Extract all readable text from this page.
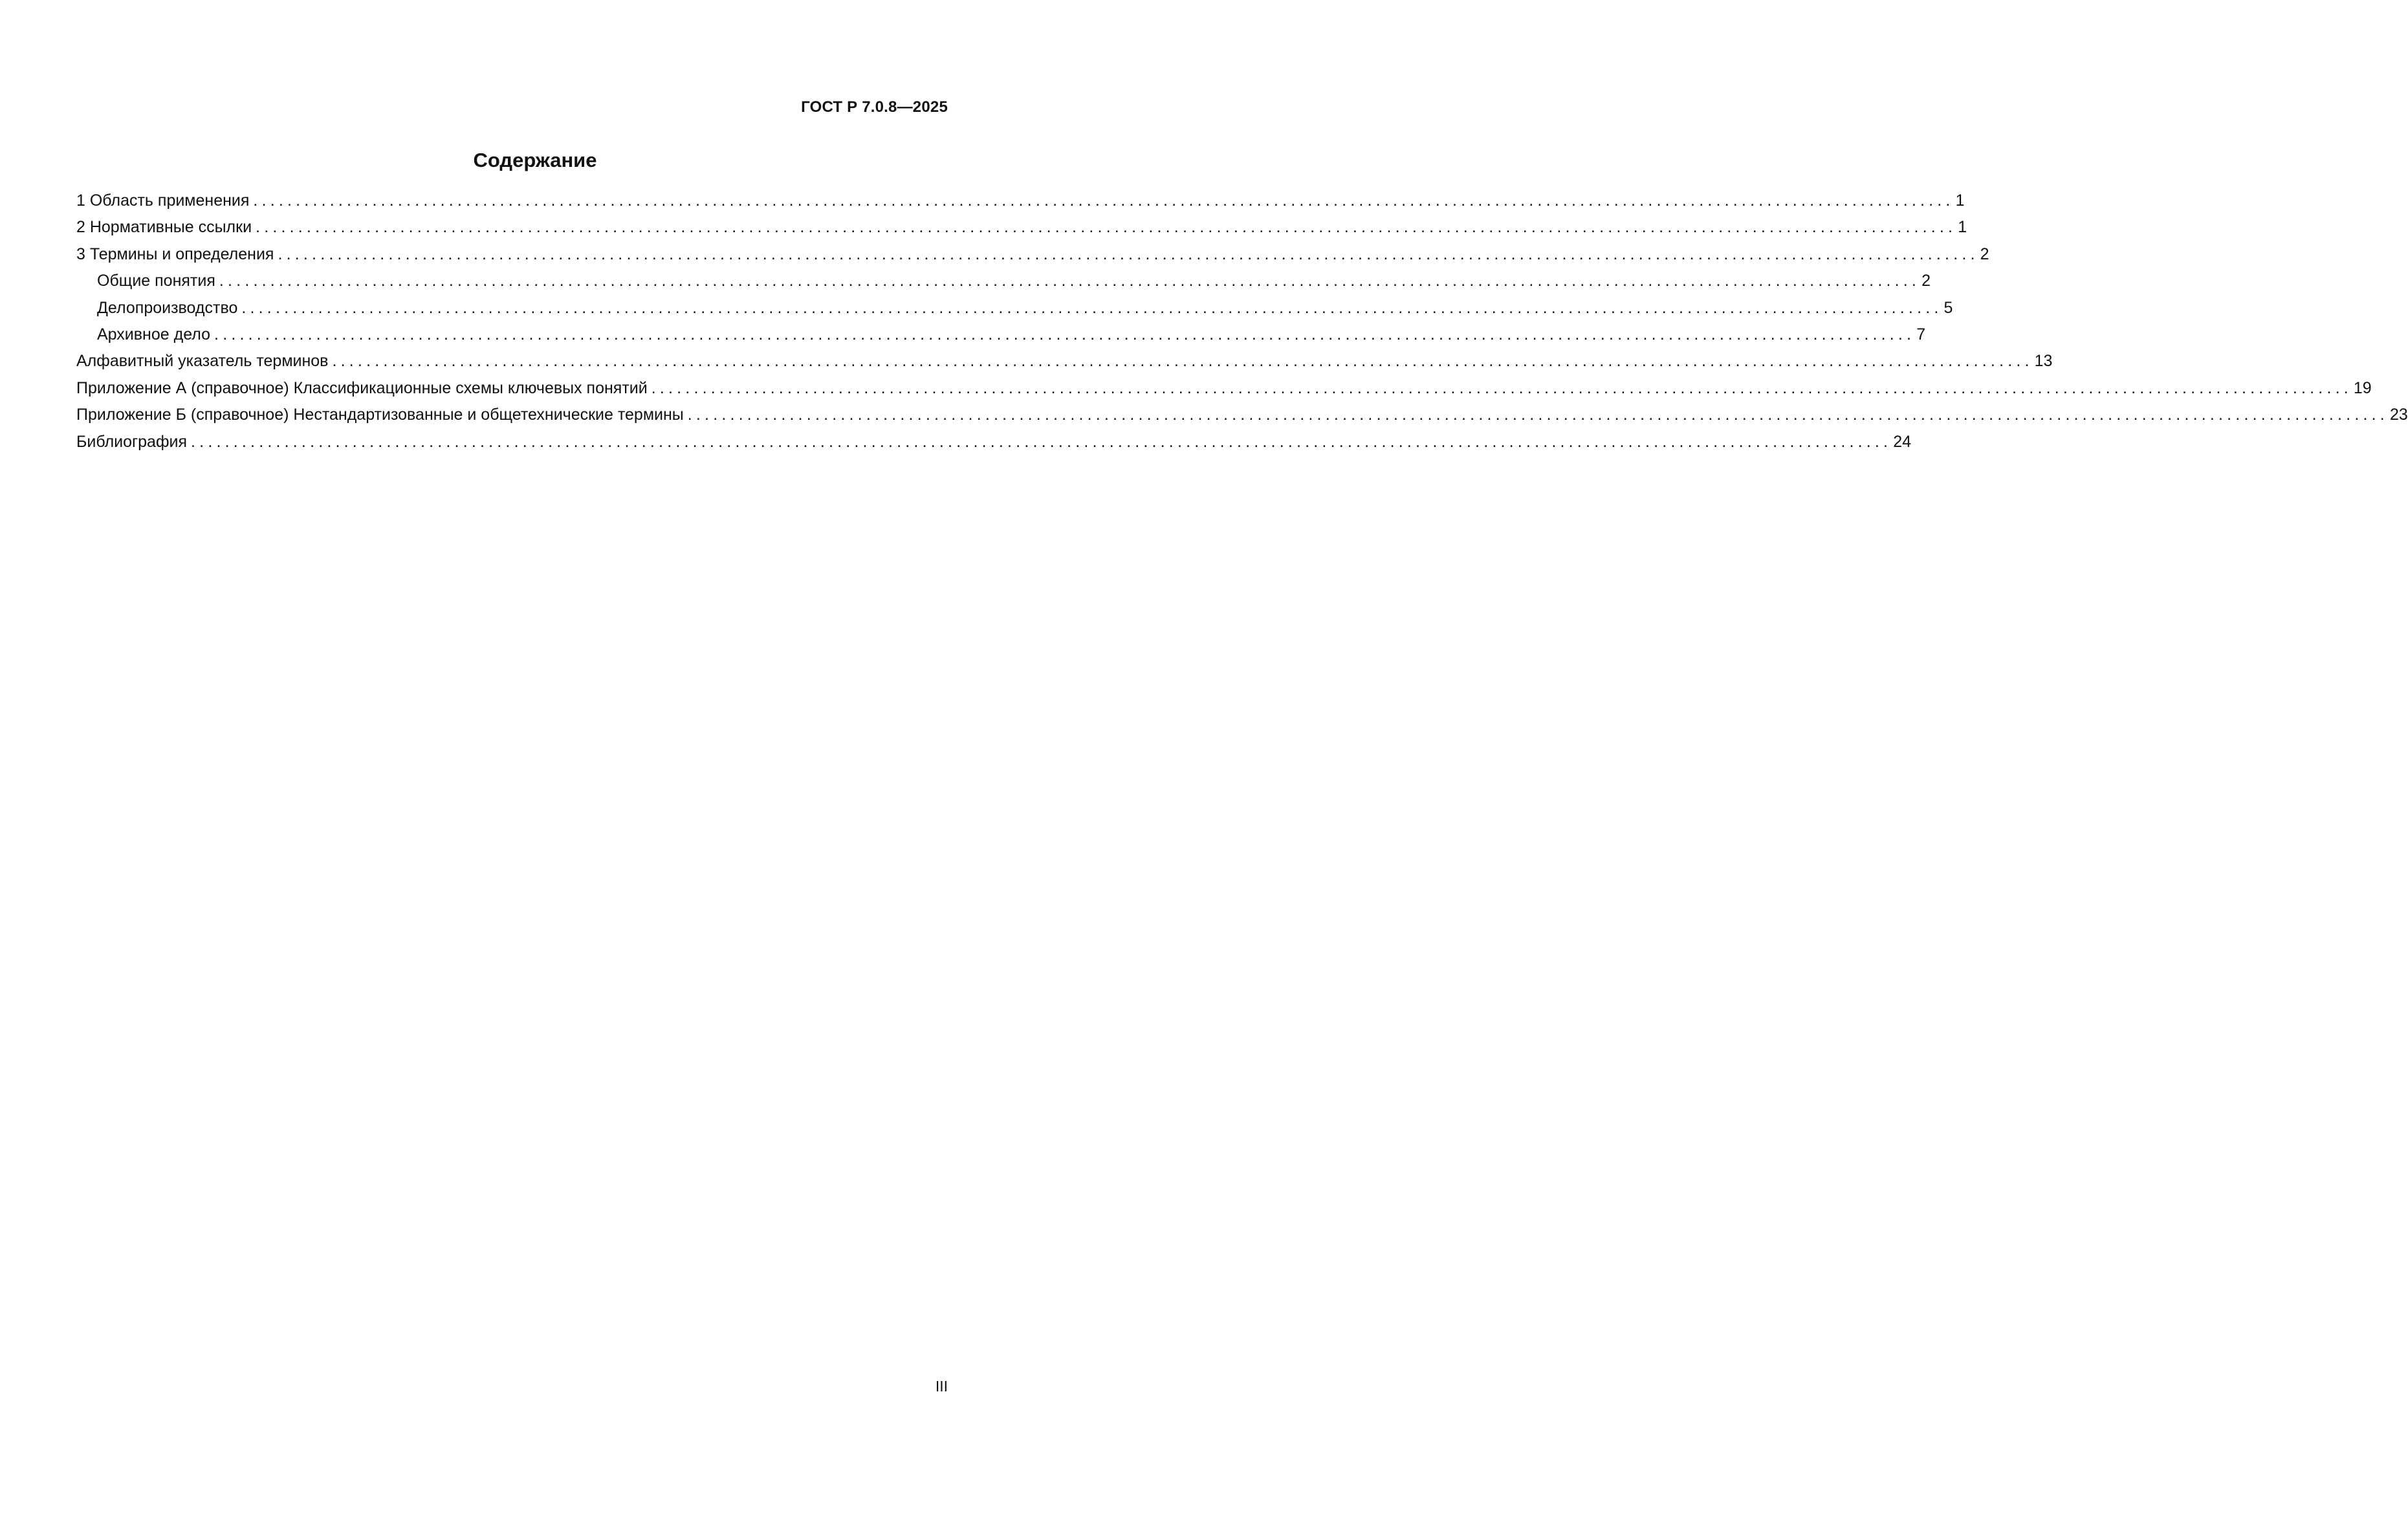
ГОСТ Р 7.0.8—2025
Содержание
1 Область применения ........................................................................................................................................................................................................ 1
2 Нормативные ссылки ........................................................................................................................................................................................................ 1
3 Термины и определения ........................................................................................................................................................................................................ 2
Общие понятия ........................................................................................................................................................................................................ 2
Делопроизводство ........................................................................................................................................................................................................ 5
Архивное дело ........................................................................................................................................................................................................ 7
Алфавитный указатель терминов ........................................................................................................................................................................................................ 13
Приложение А (справочное) Классификационные схемы ключевых понятий ........................................................................................................................................................................................................ 19
Приложение Б (справочное) Нестандартизованные и общетехнические термины ........................................................................................................................................................................................................ 23
Библиография ........................................................................................................................................................................................................ 24
III
